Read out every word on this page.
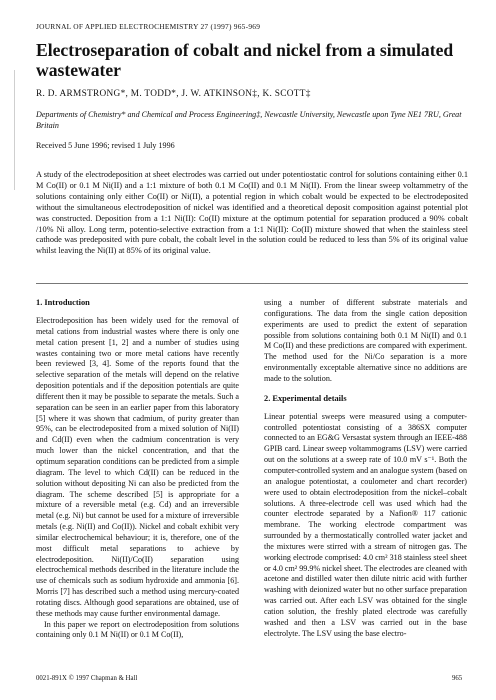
JOURNAL OF APPLIED ELECTROCHEMISTRY 27 (1997) 965-969
Electroseparation of cobalt and nickel from a simulated wastewater
R. D. ARMSTRONG*, M. TODD*, J. W. ATKINSON‡, K. SCOTT‡
Departments of Chemistry* and Chemical and Process Engineering‡, Newcastle University, Newcastle upon Tyne NE1 7RU, Great Britain
Received 5 June 1996; revised 1 July 1996

A study of the electrodeposition at sheet electrodes was carried out under potentiostatic control for solutions containing either 0.1 M Co(II) or 0.1 M Ni(II) and a 1:1 mixture of both 0.1 M Co(II) and 0.1 M Ni(II). From the linear sweep voltammetry of the solutions containing only either Co(II) or Ni(II), a potential region in which cobalt would be expected to be electrodeposited without the simultaneous electrodeposition of nickel was identified and a theoretical deposit composition against potential plot was constructed. Deposition from a 1:1 Ni(II): Co(II) mixture at the optimum potential for separation produced a 90% cobalt /10% Ni alloy. Long term, potentio-selective extraction from a 1:1 Ni(II): Co(II) mixture showed that when the stainless steel cathode was predeposited with pure cobalt, the cobalt level in the solution could be reduced to less than 5% of its original value whilst leaving the Ni(II) at 85% of its original value.

1. Introduction

Electrodeposition has been widely used for the removal of metal cations from industrial wastes where there is only one metal cation present [1, 2] and a number of studies using wastes containing two or more metal cations have recently been reviewed [3, 4]. Some of the reports found that the selective separation of the metals will depend on the relative deposition potentials and if the deposition potentials are quite different then it may be possible to separate the metals. Such a separation can be seen in an earlier paper from this laboratory [5] where it was shown that cadmium, of purity greater than 95%, can be electrodeposited from a mixed solution of Ni(II) and Cd(II) even when the cadmium concentration is very much lower than the nickel concentration, and that the optimum separation conditions can be predicted from a simple diagram. The level to which Cd(II) can be reduced in the solution without depositing Ni can also be predicted from the diagram. The scheme described [5] is appropriate for a mixture of a reversible metal (e.g. Cd) and an irreversible metal (e.g. Ni) but cannot be used for a mixture of irreversible metals (e.g. Ni(II) and Co(II)). Nickel and cobalt exhibit very similar electrochemical behaviour; it is, therefore, one of the most difficult metal separations to achieve by electrodeposition. Ni(II)/Co(II) separation using electrochemical methods described in the literature include the use of chemicals such as sodium hydroxide and ammonia [6]. Morris [7] has described such a method using mercury-coated rotating discs. Although good separations are obtained, use of these methods may cause further environmental damage.

In this paper we report on electrodeposition from solutions containing only 0.1 M Ni(II) or 0.1 M Co(II),

using a number of different substrate materials and configurations. The data from the single cation deposition experiments are used to predict the extent of separation possible from solutions containing both 0.1 M Ni(II) and 0.1 M Co(II) and these predictions are compared with experiment. The method used for the Ni/Co separation is a more environmentally exceptable alternative since no additions are made to the solution.

2. Experimental details

Linear potential sweeps were measured using a computer-controlled potentiostat consisting of a 386SX computer connected to an EG&G Versastat system through an IEEE-488 GPIB card. Linear sweep voltammograms (LSV) were carried out on the solutions at a sweep rate of 10.0 mV s⁻¹. Both the computer-controlled system and an analogue system (based on an analogue potentiostat, a coulometer and chart recorder) were used to obtain electrodeposition from the nickel–cobalt solutions. A three-electrode cell was used which had the counter electrode separated by a Nafion® 117 cationic membrane. The working electrode compartment was surrounded by a thermostatically controlled water jacket and the mixtures were stirred with a stream of nitrogen gas. The working electrode comprised: 4.0 cm² 318 stainless steel sheet or 4.0 cm² 99.9% nickel sheet. The electrodes are cleaned with acetone and distilled water then dilute nitric acid with further washing with deionized water but no other surface preparation was carried out. After each LSV was obtained for the single cation solution, the freshly plated electrode was carefully washed and then a LSV was carried out in the base electrolyte. The LSV using the base electro-

0021-891X © 1997 Chapman & Hall	965
